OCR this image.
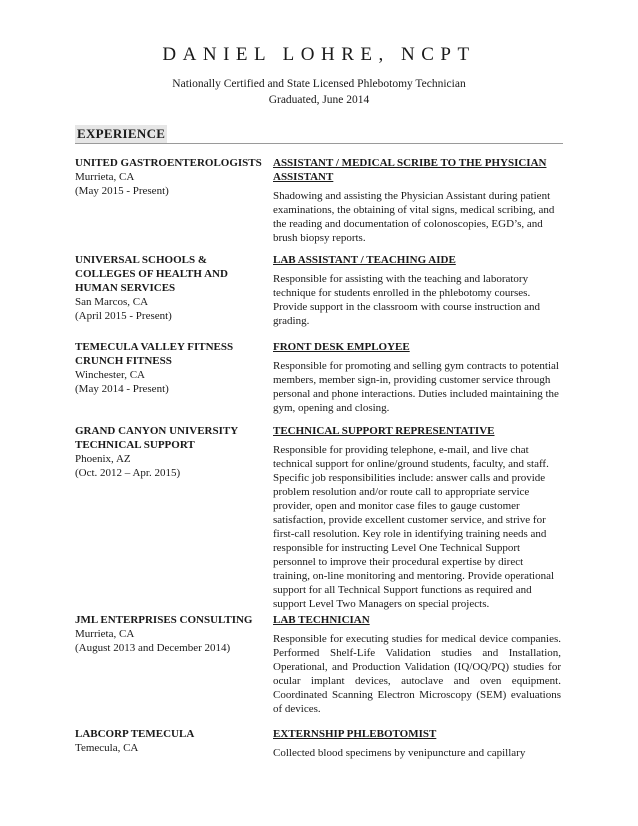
DANIEL LOHRE, NCPT
Nationally Certified and State Licensed Phlebotomy Technician
Graduated, June 2014
EXPERIENCE
UNITED GASTROENTEROLOGISTS
Murrieta, CA
(May 2015 - Present)
ASSISTANT / MEDICAL SCRIBE TO THE PHYSICIAN ASSISTANT
Shadowing and assisting the Physician Assistant during patient examinations, the obtaining of vital signs, medical scribing, and the reading and documentation of colonoscopies, EGD’s, and brush biopsy reports.
UNIVERSAL SCHOOLS & COLLEGES OF HEALTH AND HUMAN SERVICES
San Marcos, CA
(April 2015 - Present)
LAB ASSISTANT / TEACHING AIDE
Responsible for assisting with the teaching and laboratory technique for students enrolled in the phlebotomy courses. Provide support in the classroom with course instruction and grading.
TEMECULA VALLEY FITNESS CRUNCH FITNESS
Winchester, CA
(May 2014 - Present)
FRONT DESK EMPLOYEE
Responsible for promoting and selling gym contracts to potential members, member sign-in, providing customer service through personal and phone interactions. Duties included maintaining the gym, opening and closing.
GRAND CANYON UNIVERSITY TECHNICAL SUPPORT
Phoenix, AZ
(Oct. 2012 – Apr. 2015)
TECHNICAL SUPPORT REPRESENTATIVE
Responsible for providing telephone, e-mail, and live chat technical support for online/ground students, faculty, and staff. Specific job responsibilities include: answer calls and provide problem resolution and/or route call to appropriate service provider, open and monitor case files to gauge customer satisfaction, provide excellent customer service, and strive for first-call resolution. Key role in identifying training needs and responsible for instructing Level One Technical Support personnel to improve their procedural expertise by direct training, on-line monitoring and mentoring. Provide operational support for all Technical Support functions as required and support Level Two Managers on special projects.
JML ENTERPRISES CONSULTING
Murrieta, CA
(August 2013 and December 2014)
LAB TECHNICIAN
Responsible for executing studies for medical device companies. Performed Shelf-Life Validation studies and Installation, Operational, and Production Validation (IQ/OQ/PQ) studies for ocular implant devices, autoclave and oven equipment. Coordinated Scanning Electron Microscopy (SEM) evaluations of devices.
LABCORP TEMECULA
Temecula, CA
EXTERNSHIP PHLEBOTOMIST
Collected blood specimens by venipuncture and capillary
